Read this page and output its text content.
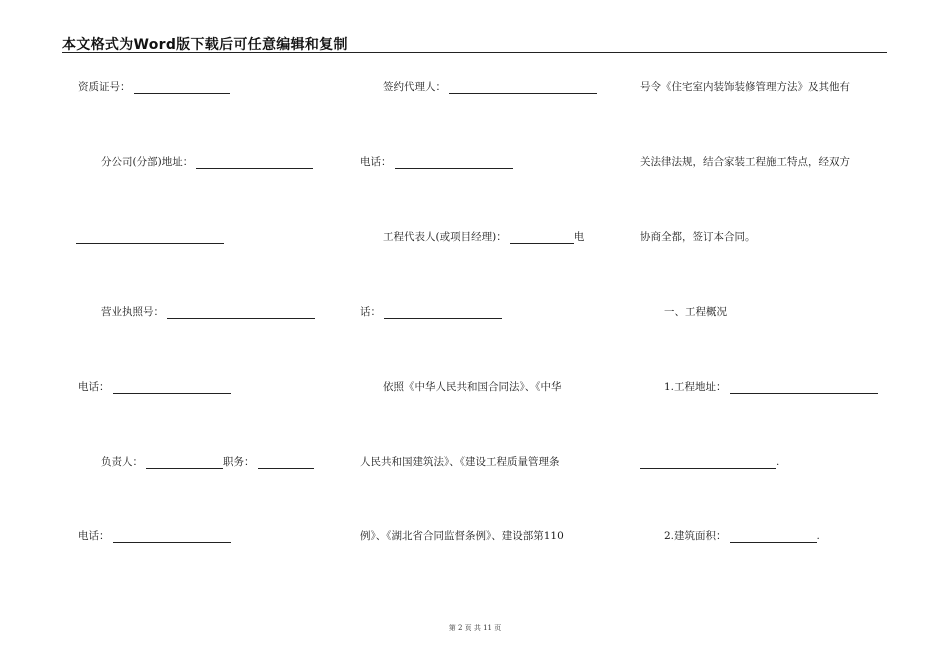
本文格式为Word版下载后可任意编辑和复制
资质证号：
分公司(分部)地址：
营业执照号：
电话：
负责人：	职务：
电话：
签约代理人：
电话：
工程代表人(或项目经理)：	电
话：
依照《中华人民共和国合同法》、《中华
人民共和国建筑法》、《建设工程质量管理条
例》、《湖北省合同监督条例》、建设部第110
号令《住宅室内装饰装修管理方法》及其他有
关法律法规，结合家装工程施工特点，经双方
协商全都，签订本合同。
一、工程概况
1.工程地址：
.
2.建筑面积：	.
第 2 页 共 11 页
